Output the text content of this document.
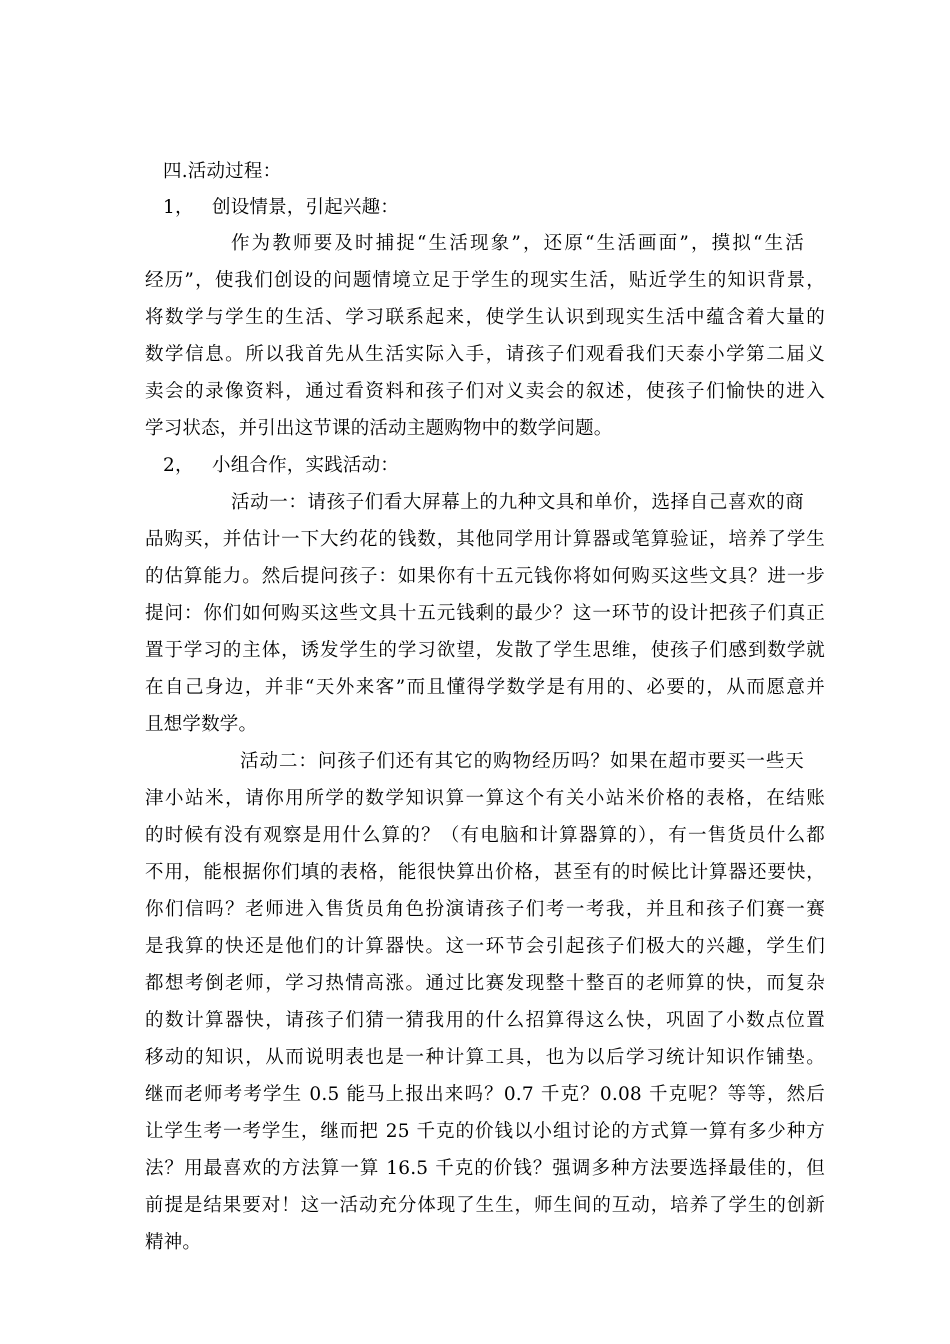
四.活动过程：
1， 创设情景，引起兴趣：
作为教师要及时捕捉“生活现象”，还原“生活画面”，摸拟“生活
经历”，使我们创设的问题情境立足于学生的现实生活，贴近学生的知识背景，
将数学与学生的生活、学习联系起来，使学生认识到现实生活中蕴含着大量的
数学信息。所以我首先从生活实际入手，请孩子们观看我们天泰小学第二届义
卖会的录像资料，通过看资料和孩子们对义卖会的叙述，使孩子们愉快的进入
学习状态，并引出这节课的活动主题购物中的数学问题。
2， 小组合作，实践活动：
活动一：请孩子们看大屏幕上的九种文具和单价，选择自己喜欢的商
品购买，并估计一下大约花的钱数，其他同学用计算器或笔算验证，培养了学生
的估算能力。然后提问孩子：如果你有十五元钱你将如何购买这些文具？进一步
提问：你们如何购买这些文具十五元钱剩的最少？这一环节的设计把孩子们真正
置于学习的主体，诱发学生的学习欲望，发散了学生思维，使孩子们感到数学就
在自己身边，并非“天外来客”而且懂得学数学是有用的、必要的，从而愿意并
且想学数学。
活动二：问孩子们还有其它的购物经历吗？如果在超市要买一些天
津小站米，请你用所学的数学知识算一算这个有关小站米价格的表格，在结账
的时候有没有观察是用什么算的？（有电脑和计算器算的），有一售货员什么都
不用，能根据你们填的表格，能很快算出价格，甚至有的时候比计算器还要快，
你们信吗？老师进入售货员角色扮演请孩子们考一考我，并且和孩子们赛一赛
是我算的快还是他们的计算器快。这一环节会引起孩子们极大的兴趣，学生们
都想考倒老师，学习热情高涨。通过比赛发现整十整百的老师算的快，而复杂
的数计算器快，请孩子们猜一猜我用的什么招算得这么快，巩固了小数点位置
移动的知识，从而说明表也是一种计算工具，也为以后学习统计知识作铺垫。
继而老师考考学生 0.5 能马上报出来吗？0.7 千克？0.08 千克呢？等等，然后
让学生考一考学生，继而把 25 千克的价钱以小组讨论的方式算一算有多少种方
法？用最喜欢的方法算一算 16.5 千克的价钱？强调多种方法要选择最佳的，但
前提是结果要对！这一活动充分体现了生生，师生间的互动，培养了学生的创新
精神。
